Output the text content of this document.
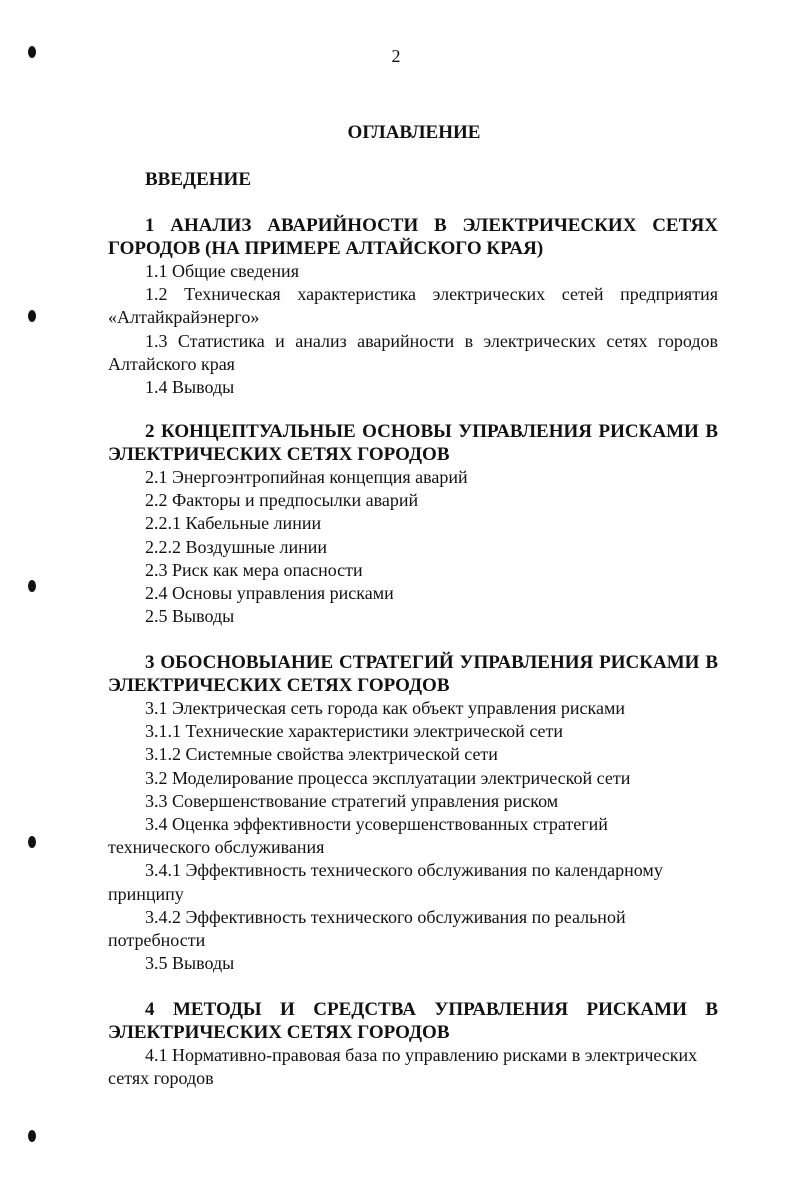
2
ОГЛАВЛЕНИЕ
ВВЕДЕНИЕ

1 АНАЛИЗ АВАРИЙНОСТИ В ЭЛЕКТРИЧЕСКИХ СЕТЯХ ГОРОДОВ (НА ПРИМЕРЕ АЛТАЙСКОГО КРАЯ)

1.1 Общие сведения
1.2 Техническая характеристика электрических сетей предприятия «Алтайкрайэнерго»
1.3 Статистика и анализ аварийности в электрических сетях городов Алтайского края
1.4 Выводы

2 КОНЦЕПТУАЛЬНЫЕ ОСНОВЫ УПРАВЛЕНИЯ РИСКАМИ В ЭЛЕКТРИЧЕСКИХ СЕТЯХ ГОРОДОВ

2.1 Энергоэнтропийная концепция аварий
2.2 Факторы и предпосылки аварий
2.2.1 Кабельные линии
2.2.2 Воздушные линии
2.3 Риск как мера опасности
2.4 Основы управления рисками
2.5 Выводы

3 ОБОСНОВЫАНИЕ СТРАТЕГИЙ УПРАВЛЕНИЯ РИСКАМИ В ЭЛЕКТРИЧЕСКИХ СЕТЯХ ГОРОДОВ

3.1 Электрическая сеть города как объект управления рисками
3.1.1 Технические характеристики электрической сети
3.1.2 Системные свойства электрической сети
3.2 Моделирование процесса эксплуатации электрической сети
3.3 Совершенствование стратегий управления риском
3.4 Оценка эффективности усовершенствованных стратегий технического обслуживания
3.4.1 Эффективность технического обслуживания по календарному принципу
3.4.2 Эффективность технического обслуживания по реальной потребности
3.5 Выводы

4 МЕТОДЫ И СРЕДСТВА УПРАВЛЕНИЯ РИСКАМИ В ЭЛЕКТРИЧЕСКИХ СЕТЯХ ГОРОДОВ

4.1 Нормативно-правовая база по управлению рисками в электрических сетях городов
